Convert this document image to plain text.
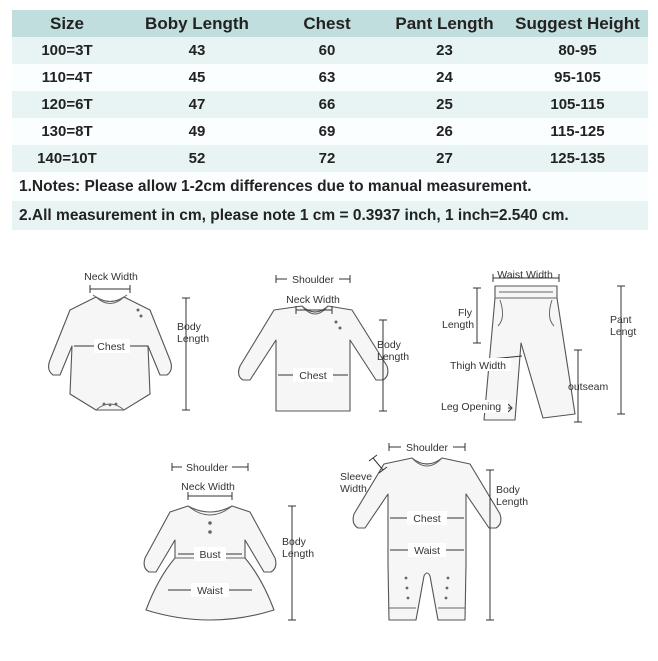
Size	Boby Length	Chest	Pant Length	Suggest Height
100=3T	43	60	23	80-95
110=4T	45	63	24	95-105
120=6T	47	66	25	105-115
130=8T	49	69	26	115-125
140=10T	52	72	27	125-135
1.Notes: Please allow 1-2cm differences due to manual measurement.				
2.All measurement in cm, please note 1 cm = 0.3937 inch, 1 inch=2.540 cm.				
Neck Width
Chest
Body
Length
Shoulder
Neck Width
Chest
Body
Length
Waist Width
Fly
Length	Pant
Lengt
Thigh Width
outseam
Leg Opening
Shoulder
Neck Width
Bust
Waist
Body
Length
Shoulder
Sleeve
Width
Chest
Waist
Body
Length
